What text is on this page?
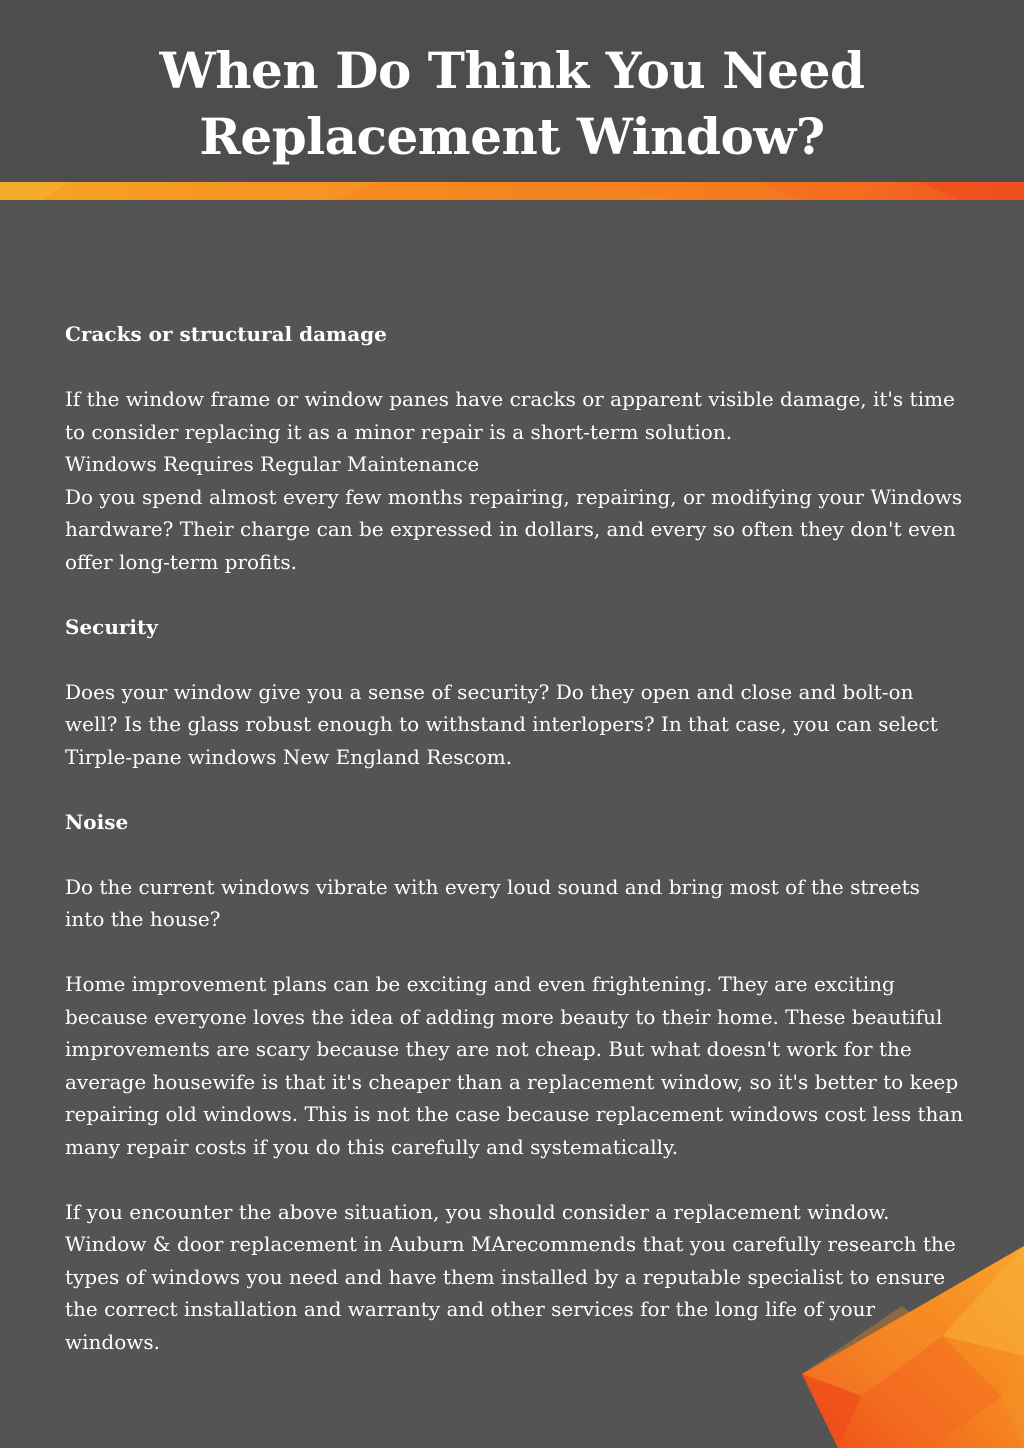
When Do Think You Need Replacement Window?

Cracks or structural damage

If the window frame or window panes have cracks or apparent visible damage, it's time to consider replacing it as a minor repair is a short-term solution.

Windows Requires Regular Maintenance

Do you spend almost every few months repairing, repairing, or modifying your Windows hardware? Their charge can be expressed in dollars, and every so often they don't even offer long-term profits.

Security

Does your window give you a sense of security? Do they open and close and bolt-on well? Is the glass robust enough to withstand interlopers? In that case, you can select Tirple-pane windows New England Rescom.

Noise

Do the current windows vibrate with every loud sound and bring most of the streets into the house?

Home improvement plans can be exciting and even frightening. They are exciting because everyone loves the idea of adding more beauty to their home. These beautiful improvements are scary because they are not cheap. But what doesn't work for the average housewife is that it's cheaper than a replacement window, so it's better to keep repairing old windows. This is not the case because replacement windows cost less than many repair costs if you do this carefully and systematically.

If you encounter the above situation, you should consider a replacement window. Window & door replacement in Auburn MArecommends that you carefully research the types of windows you need and have them installed by a reputable specialist to ensure the correct installation and warranty and other services for the long life of your windows.
